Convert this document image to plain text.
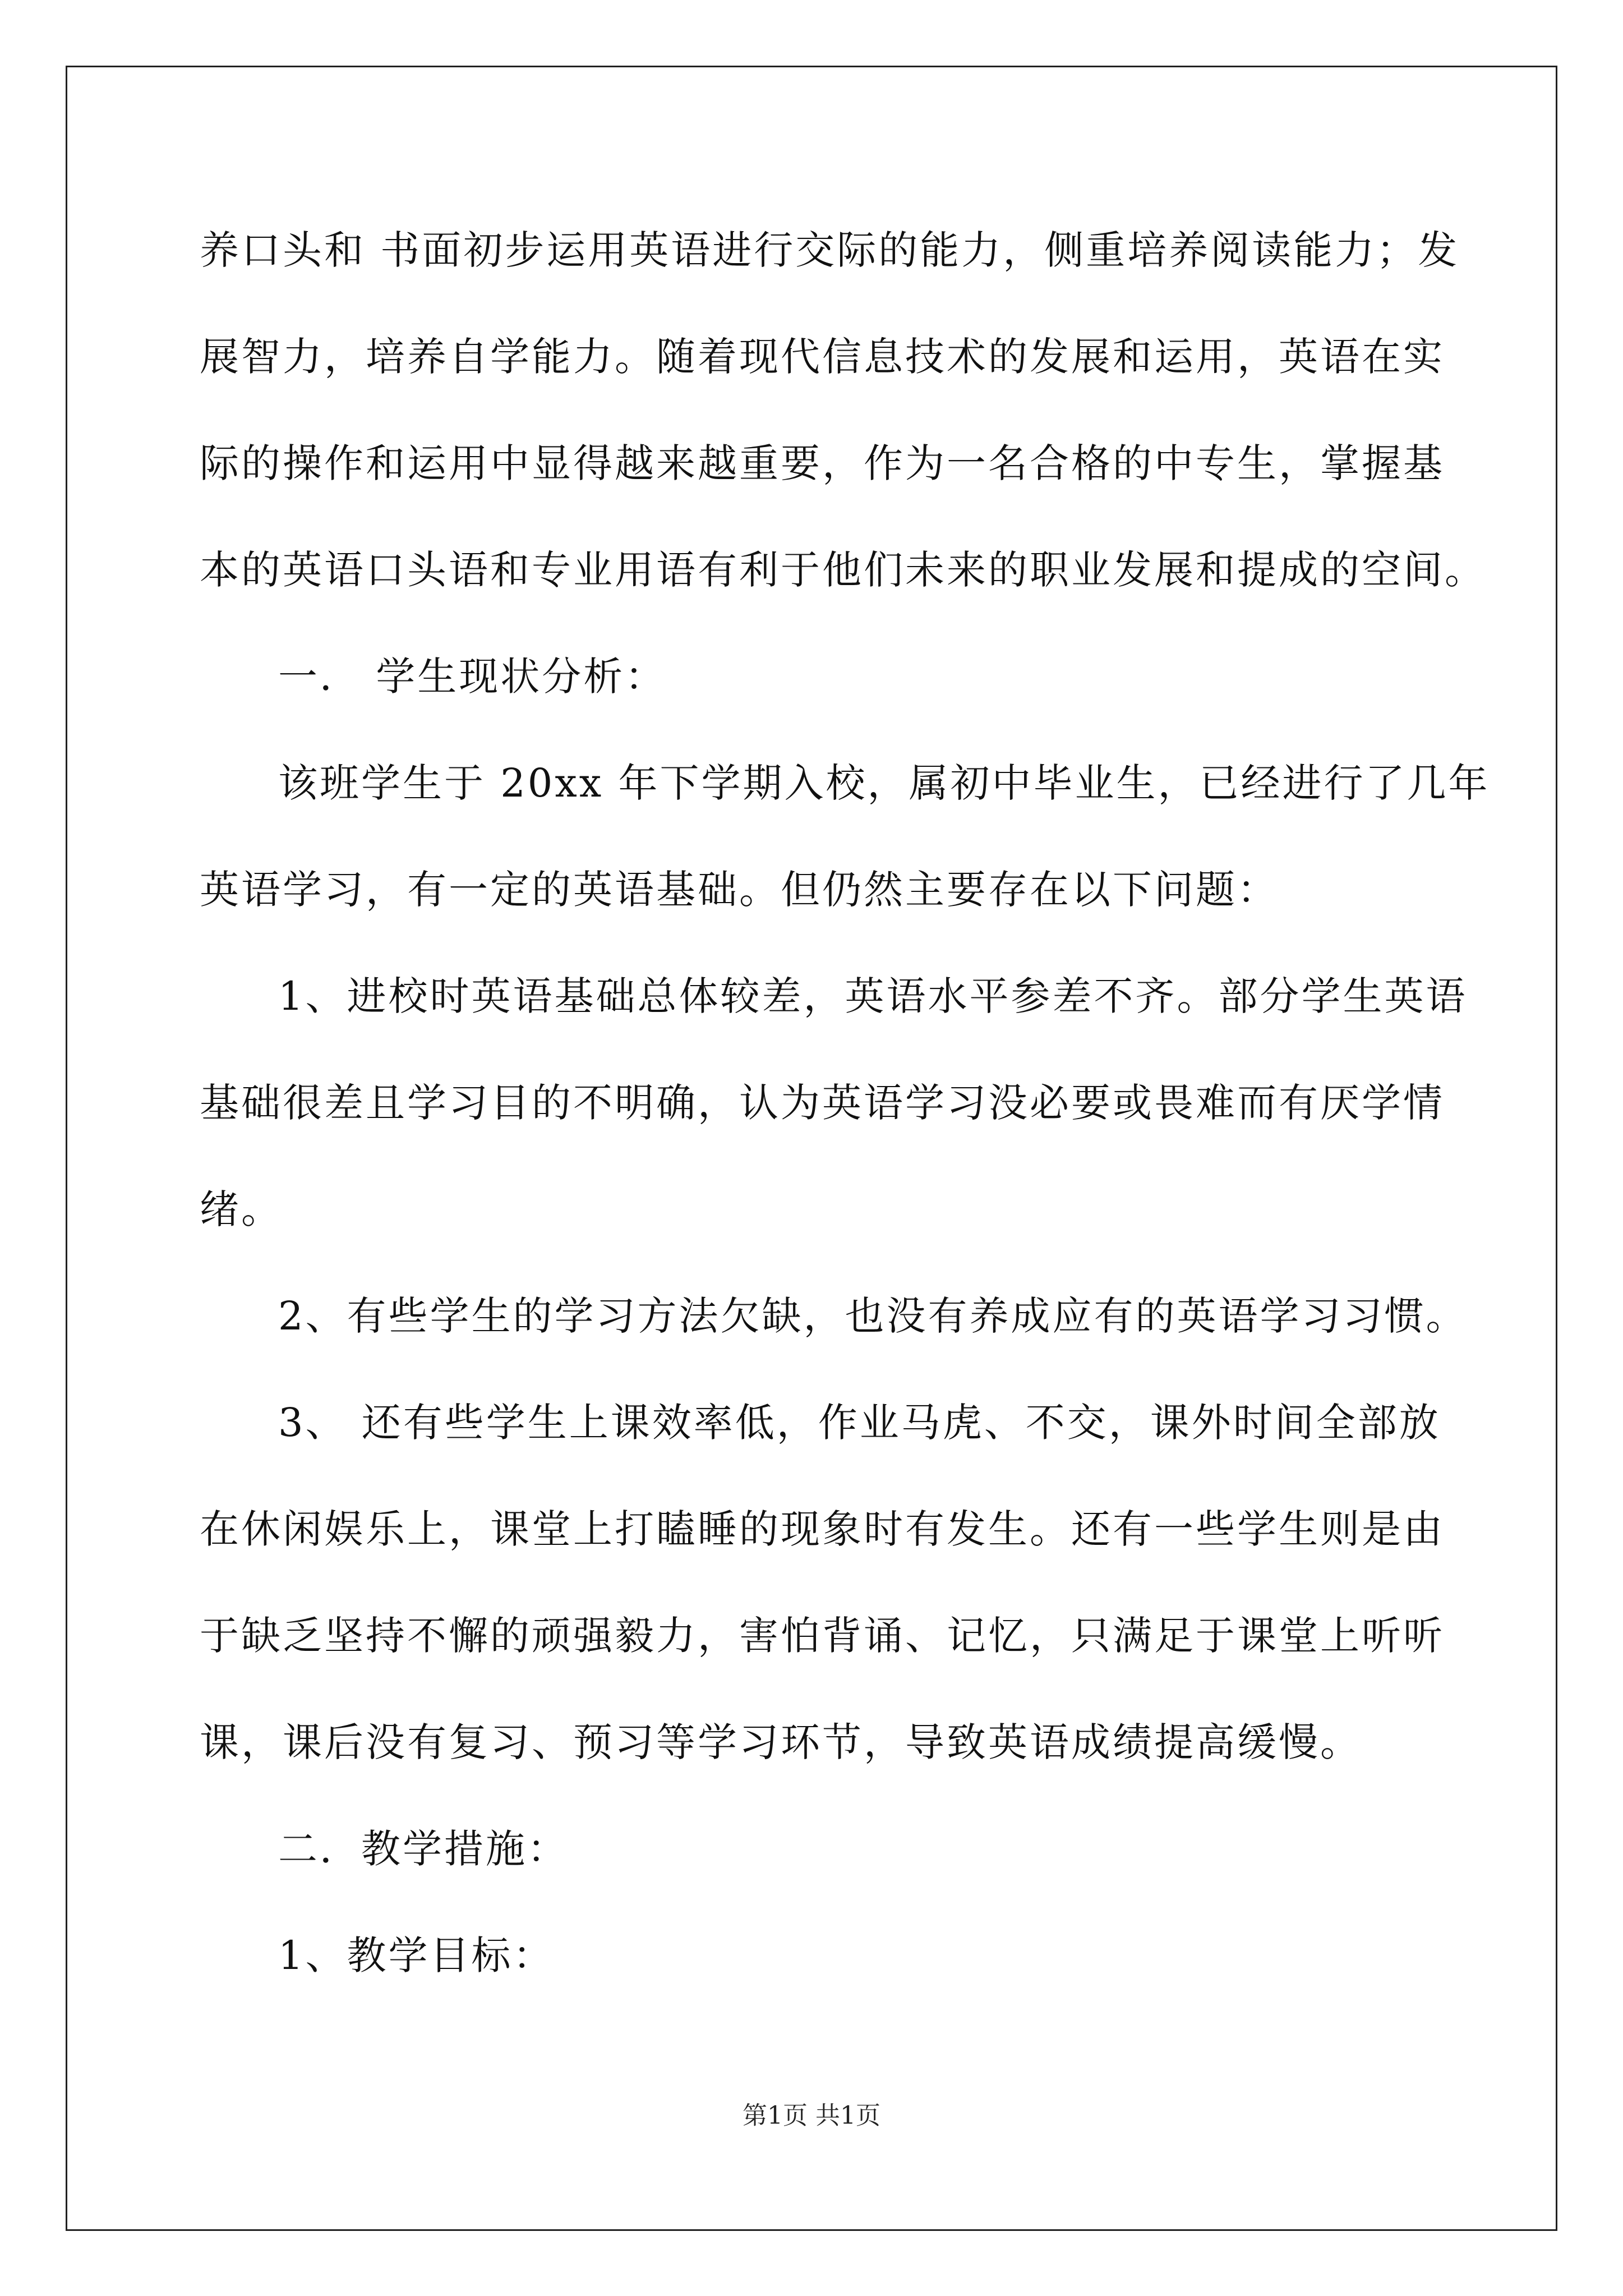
养口头和 书面初步运用英语进行交际的能力，侧重培养阅读能力；发
展智力，培养自学能力。随着现代信息技术的发展和运用，英语在实
际的操作和运用中显得越来越重要，作为一名合格的中专生，掌握基
本的英语口头语和专业用语有利于他们未来的职业发展和提成的空间。
一． 学生现状分析：
该班学生于 20xx 年下学期入校，属初中毕业生，已经进行了几年
英语学习，有一定的英语基础。但仍然主要存在以下问题：
1、进校时英语基础总体较差，英语水平参差不齐。部分学生英语
基础很差且学习目的不明确，认为英语学习没必要或畏难而有厌学情
绪。
2、有些学生的学习方法欠缺，也没有养成应有的英语学习习惯。
3、 还有些学生上课效率低，作业马虎、不交，课外时间全部放
在休闲娱乐上，课堂上打瞌睡的现象时有发生。还有一些学生则是由
于缺乏坚持不懈的顽强毅力，害怕背诵、记忆，只满足于课堂上听听
课，课后没有复习、预习等学习环节，导致英语成绩提高缓慢。
二．教学措施：
1、教学目标：
第1页 共1页
